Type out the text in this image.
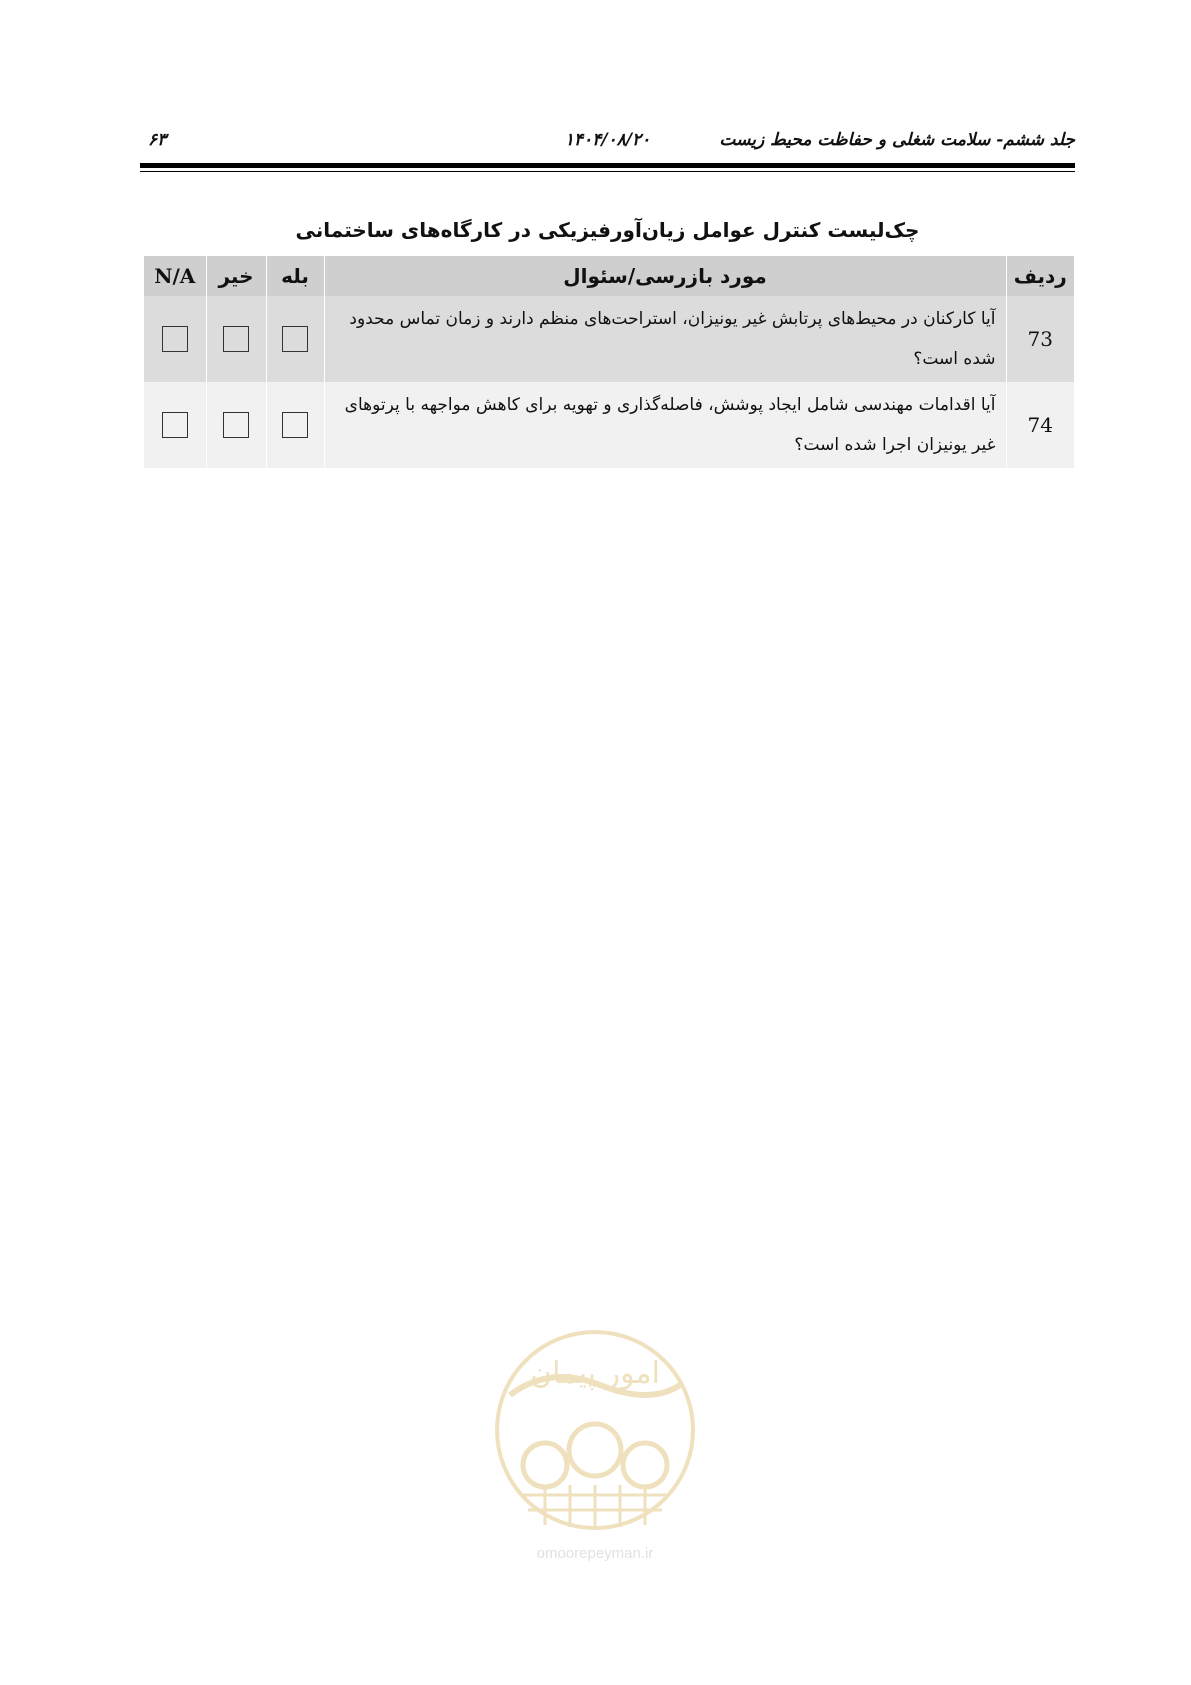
جلد ششم- سلامت شغلی و حفاظت محیط زیست
۱۴۰۴/۰۸/۲۰
۶۳
چک‌لیست کنترل عوامل زیان‌آورفیزیکی در کارگاه‌های ساختمانی
ردیف	مورد بازرسی/سئوال	بله	خیر	N/A
73	آیا کارکنان در محیط‌های پرتابش غیر یونیزان، استراحت‌های منظم دارند و زمان تماس محدود شده است؟			
74	آیا اقدامات مهندسی شامل ایجاد پوشش، فاصله‌گذاری و تهویه برای کاهش مواجهه با پرتوهای غیر یونیزان اجرا شده است؟			
امور پیمان
omoorepeyman.ir
